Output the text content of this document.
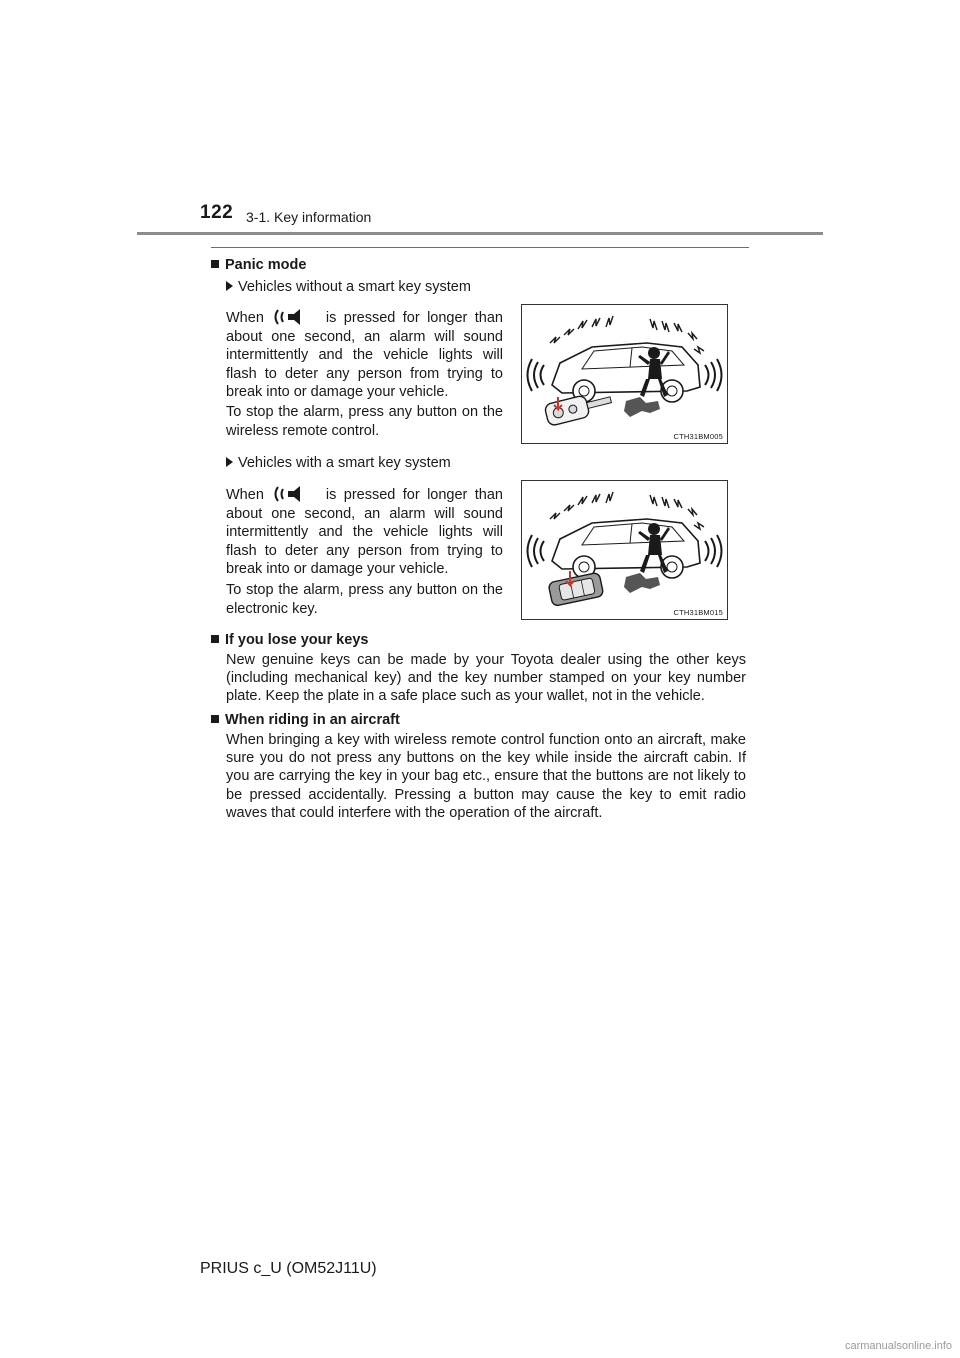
122 3-1. Key information
Panic mode
Vehicles without a smart key system
When	is pressed for longer than about one second, an alarm will sound intermittently and the vehicle lights will flash to deter any person from trying to break into or damage your vehicle.
To stop the alarm, press any button on the wireless remote control.	CTH31BM005
Vehicles with a smart key system
When	is pressed for longer than about one second, an alarm will sound intermittently and the vehicle lights will flash to deter any person from trying to break into or damage your vehicle.
To stop the alarm, press any button on the electronic key.	CTH31BM015
If you lose your keys
New genuine keys can be made by your Toyota dealer using the other keys (including mechanical key) and the key number stamped on your key number plate. Keep the plate in a safe place such as your wallet, not in the vehicle.
When riding in an aircraft
When bringing a key with wireless remote control function onto an aircraft, make sure you do not press any buttons on the key while inside the aircraft cabin. If you are carrying the key in your bag etc., ensure that the buttons are not likely to be pressed accidentally. Pressing a button may cause the key to emit radio waves that could interfere with the operation of the aircraft.
PRIUS c_U (OM52J11U)
carmanualsonline.info
